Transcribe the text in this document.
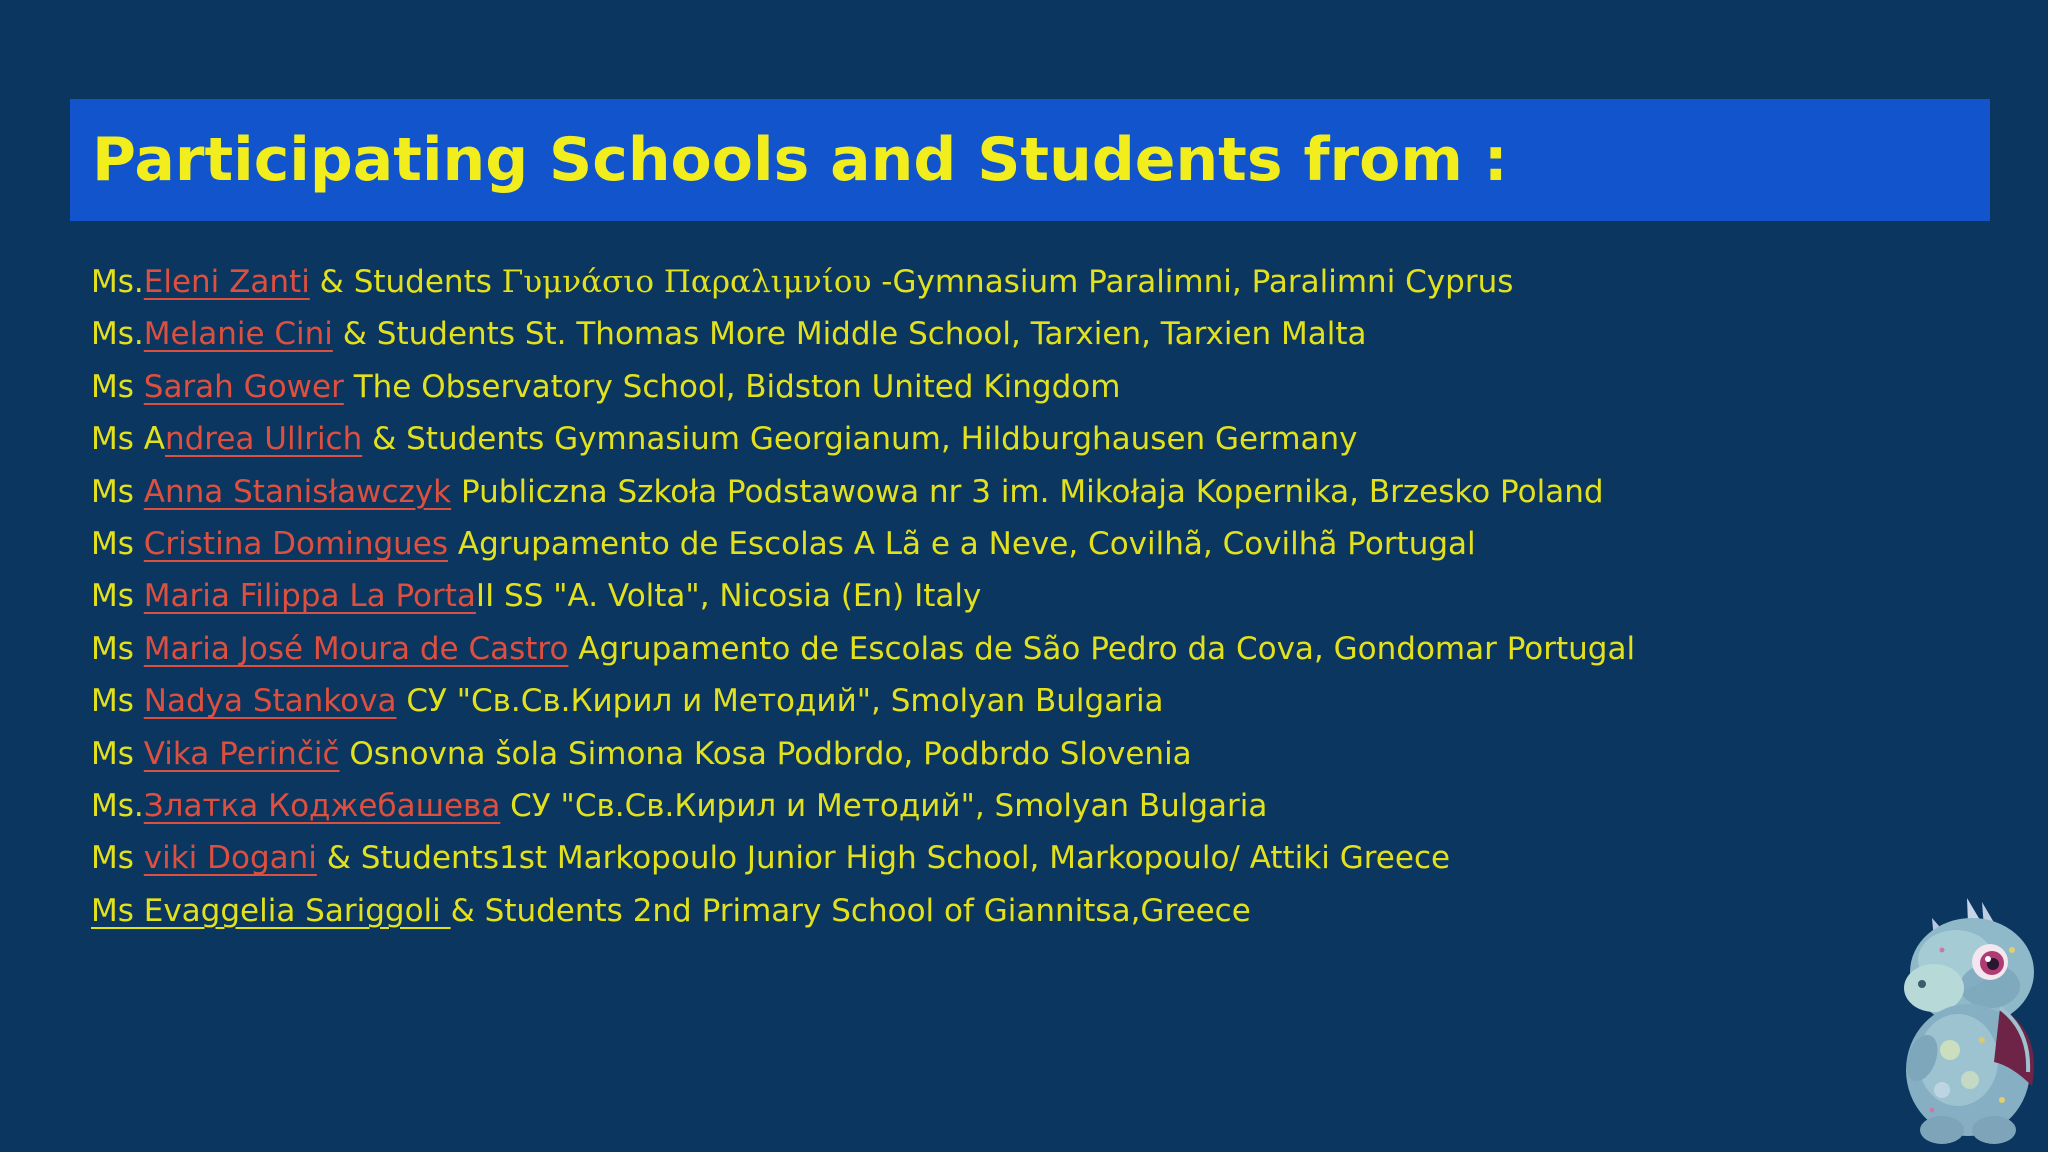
Participating Schools and Students from :
Ms.Eleni Zanti & Students Γυμνάσιο Παραλιμνίου -Gymnasium Paralimni, Paralimni Cyprus
Ms.Melanie Cini & Students St. Thomas More Middle School, Tarxien, Tarxien Malta
Ms Sarah Gower The Observatory School, Bidston United Kingdom
Ms Andrea Ullrich & Students Gymnasium Georgianum, Hildburghausen Germany
Ms Anna Stanisławczyk Publiczna Szkoła Podstawowa nr 3 im. Mikołaja Kopernika, Brzesko Poland
Ms Cristina Domingues Agrupamento de Escolas A Lã e a Neve, Covilhã, Covilhã Portugal
Ms Maria Filippa La PortaII SS "A. Volta", Nicosia (En) Italy
Ms Maria José Moura de Castro Agrupamento de Escolas de São Pedro da Cova, Gondomar Portugal
Ms Nadya Stankova СУ "Св.Св.Кирил и Методий", Smolyan Bulgaria
Ms Vika Perinčič Osnovna šola Simona Kosa Podbrdo, Podbrdo Slovenia
Ms.Златка Коджебашева СУ "Св.Св.Кирил и Методий", Smolyan Bulgaria
Ms viki Dogani & Students1st Markopoulo Junior High School, Markopoulo/ Attiki Greece
Ms Evaggelia Sariggoli & Students 2nd Primary School of Giannitsa,Greece
